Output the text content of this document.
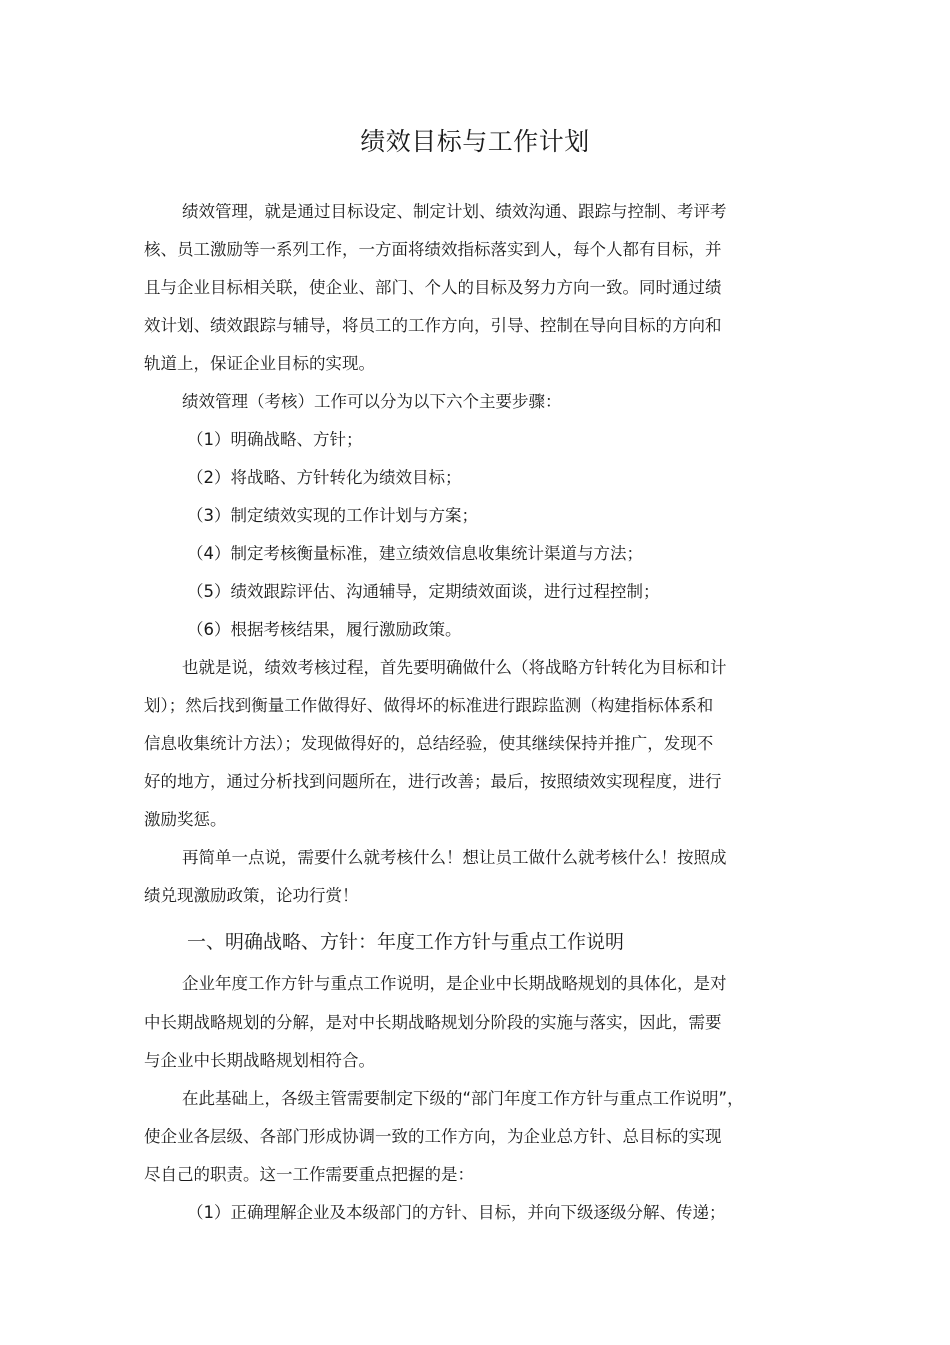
绩效目标与工作计划
绩效管理，就是通过目标设定、制定计划、绩效沟通、跟踪与控制、考评考
核、员工激励等一系列工作，一方面将绩效指标落实到人，每个人都有目标，并
且与企业目标相关联，使企业、部门、个人的目标及努力方向一致。同时通过绩
效计划、绩效跟踪与辅导，将员工的工作方向，引导、控制在导向目标的方向和
轨道上，保证企业目标的实现。
绩效管理（考核）工作可以分为以下六个主要步骤：
（1）明确战略、方针；
（2）将战略、方针转化为绩效目标；
（3）制定绩效实现的工作计划与方案；
（4）制定考核衡量标准，建立绩效信息收集统计渠道与方法；
（5）绩效跟踪评估、沟通辅导，定期绩效面谈，进行过程控制；
（6）根据考核结果，履行激励政策。
也就是说，绩效考核过程，首先要明确做什么（将战略方针转化为目标和计
划）；然后找到衡量工作做得好、做得坏的标准进行跟踪监测（构建指标体系和
信息收集统计方法）；发现做得好的，总结经验，使其继续保持并推广，发现不
好的地方，通过分析找到问题所在，进行改善；最后，按照绩效实现程度，进行
激励奖惩。
再简单一点说，需要什么就考核什么！想让员工做什么就考核什么！按照成
绩兑现激励政策，论功行赏！
一、明确战略、方针：年度工作方针与重点工作说明
企业年度工作方针与重点工作说明，是企业中长期战略规划的具体化，是对
中长期战略规划的分解，是对中长期战略规划分阶段的实施与落实，因此，需要
与企业中长期战略规划相符合。
在此基础上，各级主管需要制定下级的“部门年度工作方针与重点工作说明”，
使企业各层级、各部门形成协调一致的工作方向，为企业总方针、总目标的实现
尽自己的职责。这一工作需要重点把握的是：
（1）正确理解企业及本级部门的方针、目标，并向下级逐级分解、传递；
